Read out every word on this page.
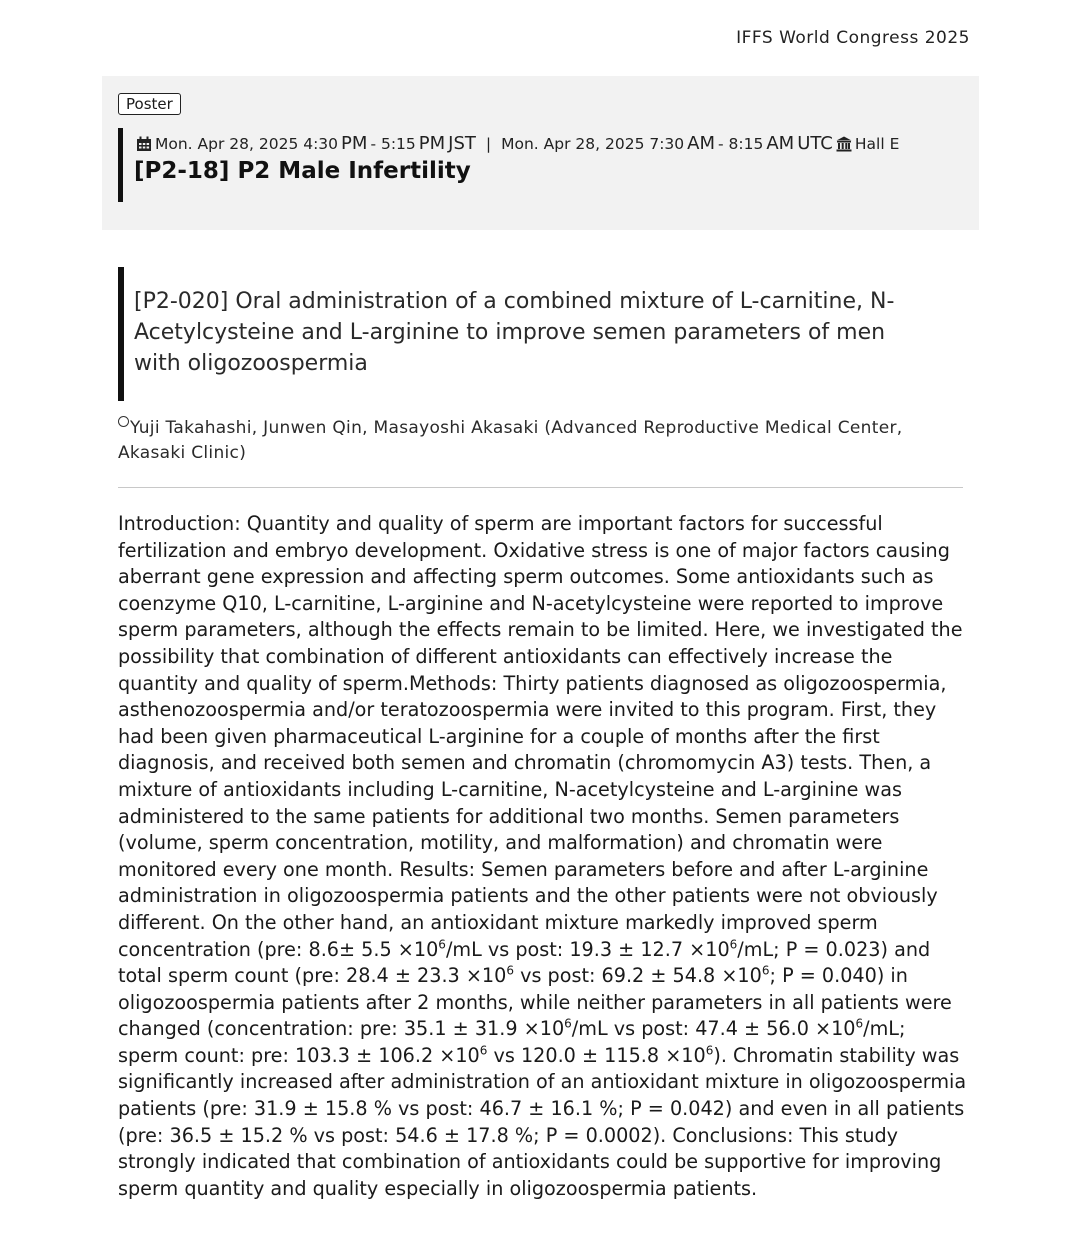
IFFS World Congress 2025
Poster
Mon. Apr 28, 2025 4:30 PM - 5:15 PM JST | Mon. Apr 28, 2025 7:30 AM - 8:15 AM UTC Hall E
[P2-18] P2 Male Infertility
[P2-020] Oral administration of a combined mixture of L-carnitine, N-Acetylcysteine and L-arginine to improve semen parameters of men with oligozoospermia
Yuji Takahashi, Junwen Qin, Masayoshi Akasaki (Advanced Reproductive Medical Center, Akasaki Clinic)
Introduction: Quantity and quality of sperm are important factors for successful fertilization and embryo development. Oxidative stress is one of major factors causing aberrant gene expression and affecting sperm outcomes. Some antioxidants such as coenzyme Q10, L-carnitine, L-arginine and N-acetylcysteine were reported to improve sperm parameters, although the effects remain to be limited. Here, we investigated the possibility that combination of different antioxidants can effectively increase the quantity and quality of sperm.Methods: Thirty patients diagnosed as oligozoospermia, asthenozoospermia and/or teratozoospermia were invited to this program. First, they had been given pharmaceutical L-arginine for a couple of months after the first diagnosis, and received both semen and chromatin (chromomycin A3) tests. Then, a mixture of antioxidants including L-carnitine, N-acetylcysteine and L-arginine was administered to the same patients for additional two months. Semen parameters (volume, sperm concentration, motility, and malformation) and chromatin were monitored every one month. Results: Semen parameters before and after L-arginine administration in oligozoospermia patients and the other patients were not obviously different. On the other hand, an antioxidant mixture markedly improved sperm concentration (pre: $8.6\pm 5.5 \times 10^6/mL$ vs post: $19.3 \pm 12.7 \times 10^6/mL$; P = 0.023) and total sperm count (pre: $28.4 \pm 23.3 \times 10^6$ vs post: $69.2 \pm 54.8 \times 10^6$; P = 0.040) in oligozoospermia patients after 2 months, while neither parameters in all patients were changed (concentration: pre: $35.1 \pm 31.9 \times 10^6/mL$ vs post: $47.4 \pm 56.0 \times 10^6/mL$; sperm count: pre: $103.3 \pm 106.2 \times 10^6$ vs $120.0 \pm 115.8 \times 10^6$). Chromatin stability was significantly increased after administration of an antioxidant mixture in oligozoospermia patients (pre: 31.9 ± 15.8 % vs post: 46.7 ± 16.1 %; P = 0.042) and even in all patients (pre: 36.5 ± 15.2 % vs post: 54.6 ± 17.8 %; P = 0.0002). Conclusions: This study strongly indicated that combination of antioxidants could be supportive for improving sperm quantity and quality especially in oligozoospermia patients.
